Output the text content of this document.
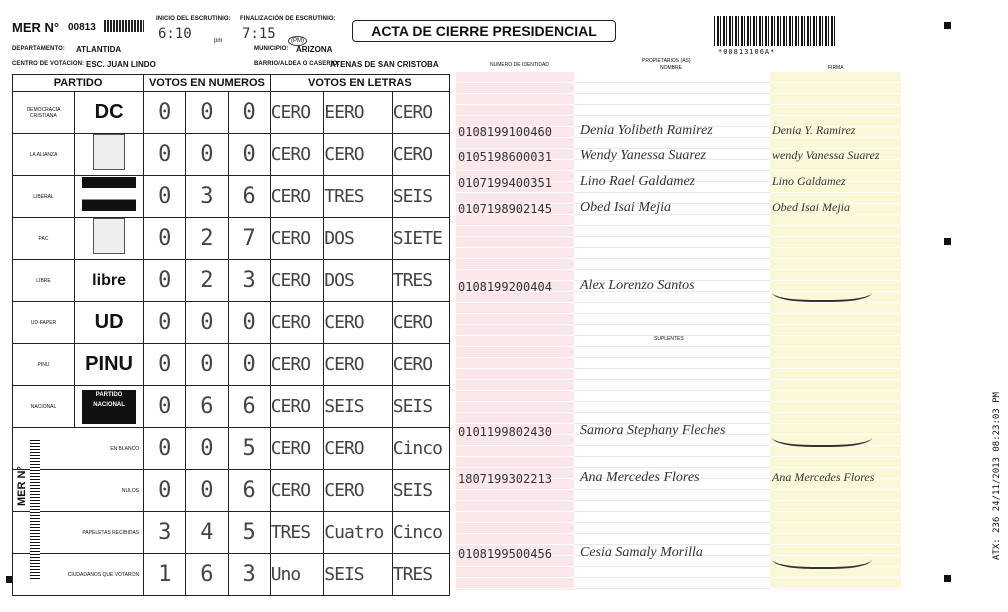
MER N° 00813
INICIO DEL ESCRUTINIO:
6:10	pm
FINALIZACIÓN DE ESCRUTINIO:
7:15	(PM)
ACTA DE CIERRE PRESIDENCIAL
*00813106A*
DEPARTAMENTO: ATLANTIDA	MUNICIPIO: ARIZONA
CENTRO DE VOTACION: ESC. JUAN LINDO	BARRIO/ALDEA O CASERIO:
ATENAS DE SAN CRISTOBA
PARTIDO		VOTOS EN NUMEROS			VOTOS EN LETRAS		
DEMOCRACIA CRISTIANA	DC	0	0	0	CERO	EERO	CERO
LA ALIANZA		0	0	0	CERO	CERO	CERO
LIBERAL		0	3	6	CERO	TRES	SEIS
PAC		0	2	7	CERO	DOS	SIETE
LIBRE	libre	0	2	3	CERO	DOS	TRES
UD-FAPER	UD	0	0	0	CERO	CERO	CERO
PINU	PINU	0	0	0	CERO	CERO	CERO
NACIONAL	PARTIDO NACIONAL	0	6	6	CERO	SEIS	SEIS
EN BLANCO		0	0	5	CERO	CERO	Cinco
NULOS		0	0	6	CERO	CERO	SEIS
PAPELETAS RECIBIDAS		3	4	5	TRES	Cuatro	Cinco
CIUDADANOS QUE VOTARON		1	6	3	Uno	SEIS	TRES
NUMERO DE IDENTIDAD
PROPIETARIOS (AS)
NOMBRE	FIRMA
SUPLENTES
0108199100460 Denia Yolibeth Ramirez	Denia Y. Ramirez
0105198600031 Wendy Yanessa Suarez	wendy Vanessa Suarez
0107199400351 Lino Rael Galdamez	Lino Galdamez
0107198902145 Obed Isai Mejia	Obed Isai Mejia
0108199200404 Alex Lorenzo Santos
0101199802430 Samora Stephany Fleches
1807199302213 Ana Mercedes Flores	Ana Mercedes Flores
0108199500456 Cesia Samaly Morilla	ATX: 236 24/11/2013 08:23:03 PM
MER N°
